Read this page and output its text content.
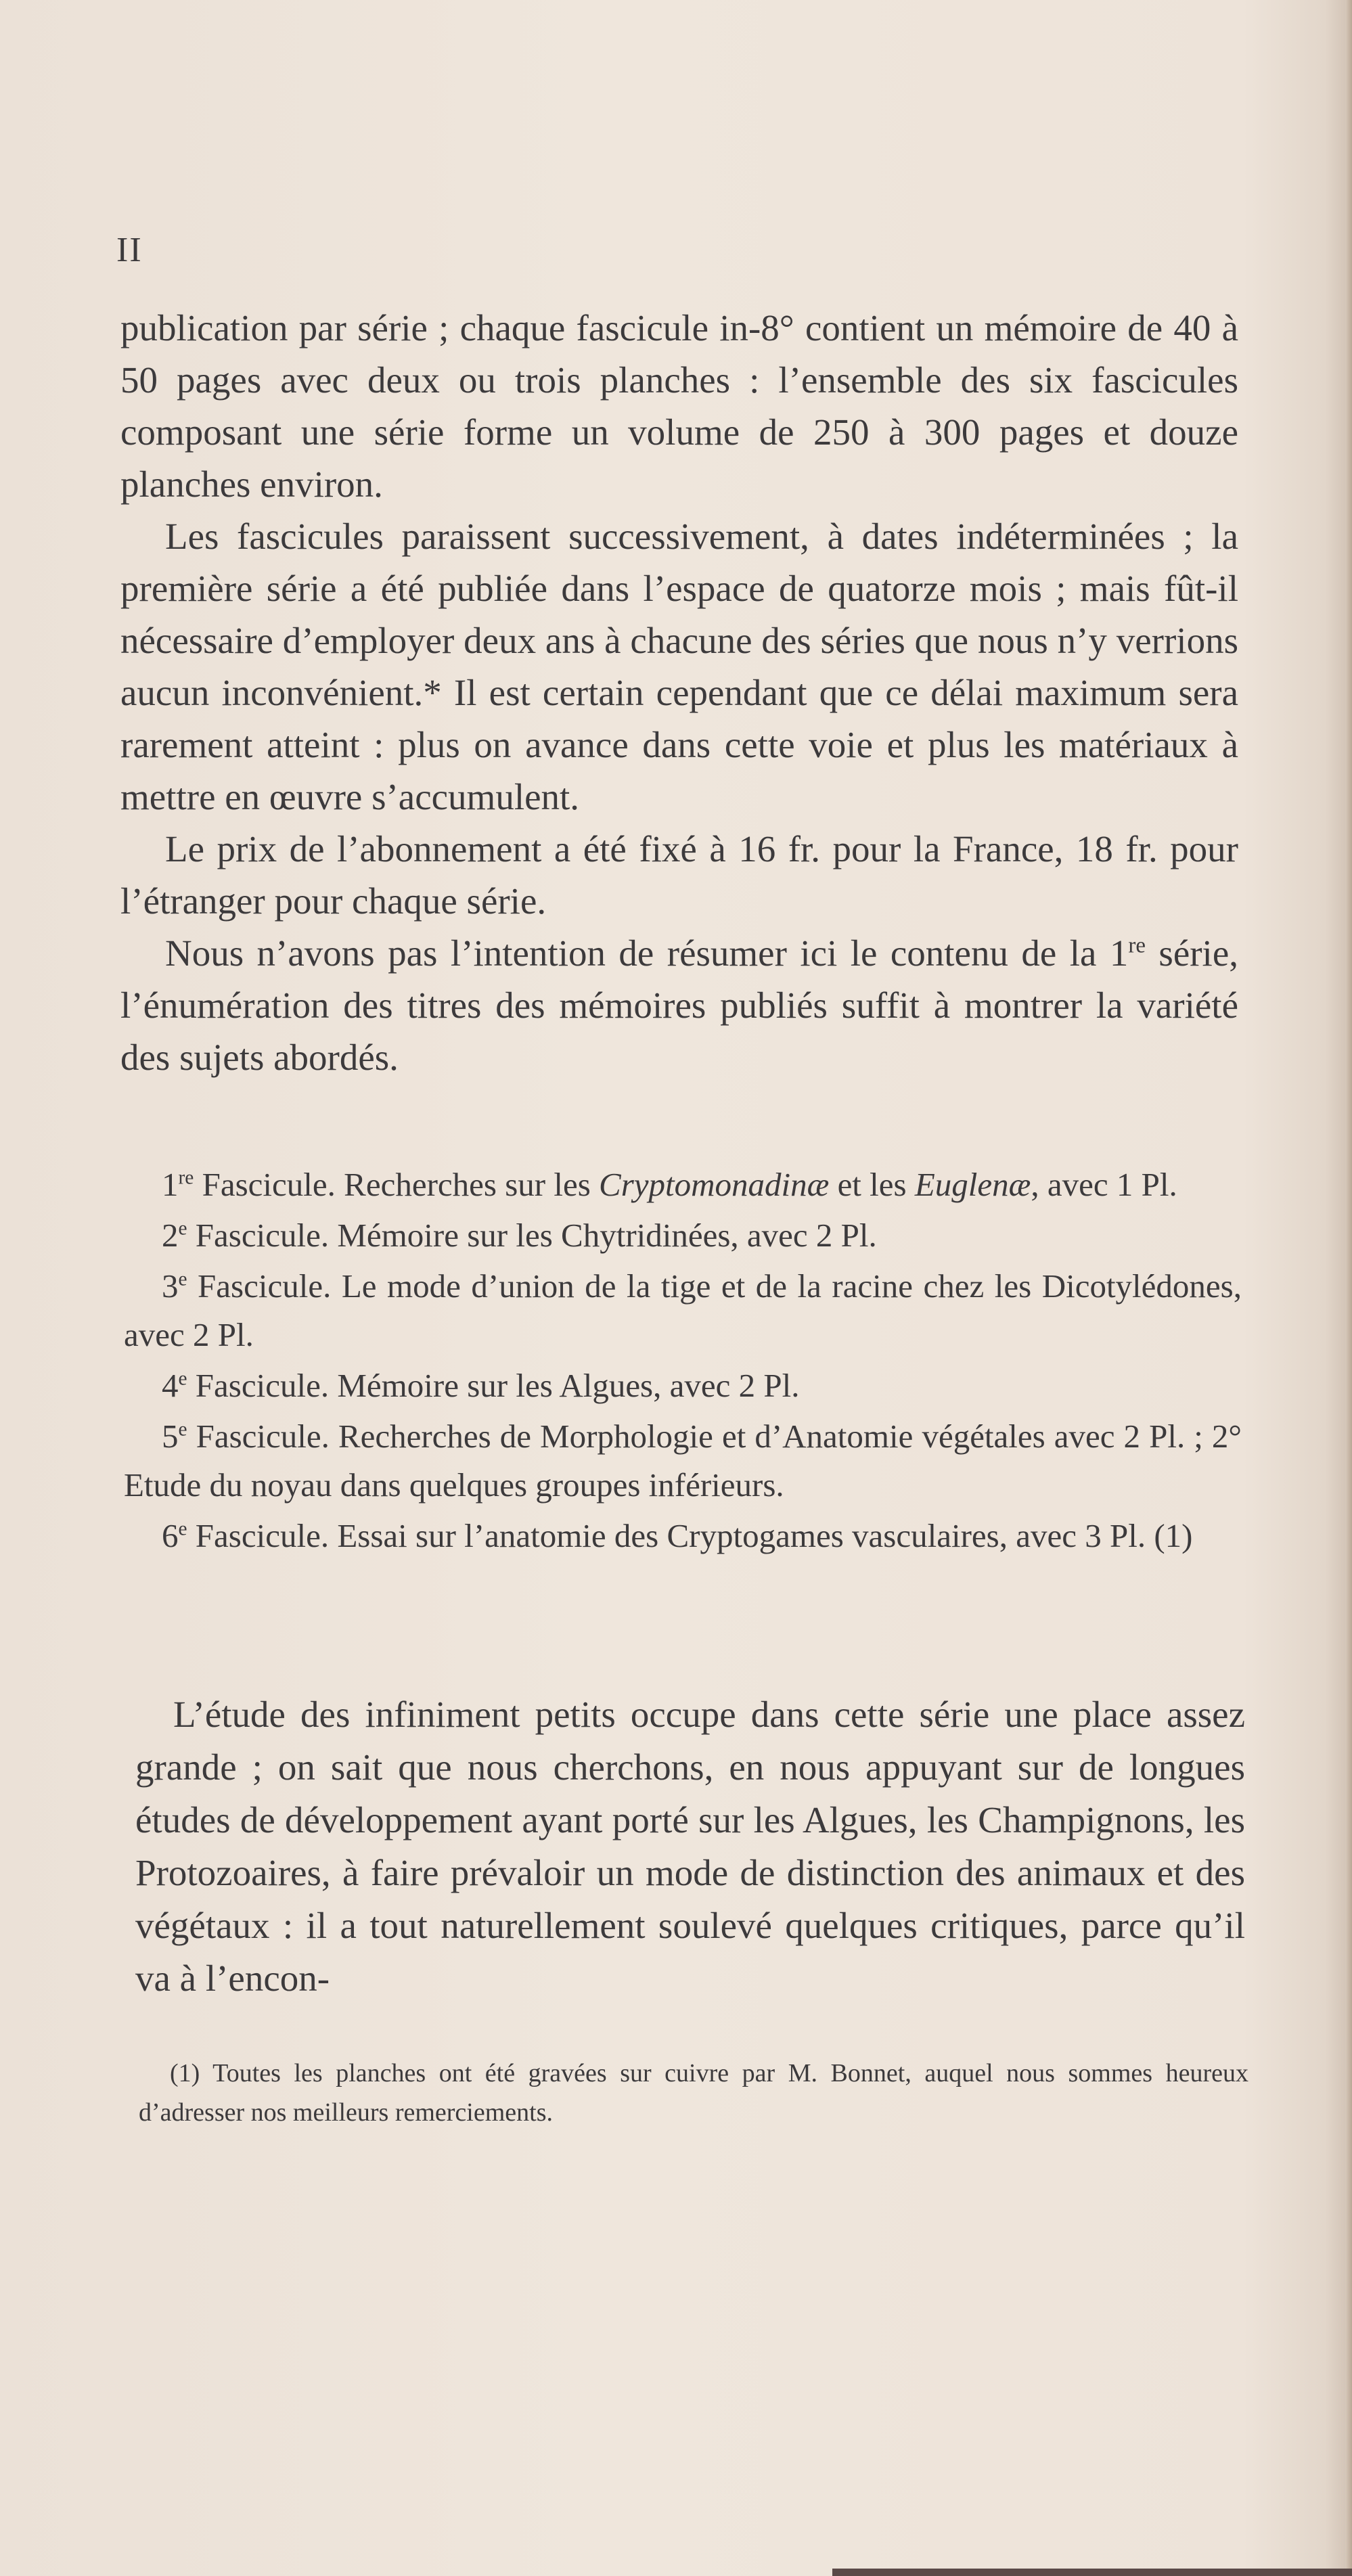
II

publication par série ; chaque fascicule in-8° contient un mémoire de 40 à 50 pages avec deux ou trois planches : l’ensemble des six fascicules composant une série forme un volume de 250 à 300 pages et douze planches environ.

Les fascicules paraissent successivement, à dates indéterminées ; la première série a été publiée dans l’espace de quatorze mois ; mais fût-il nécessaire d’employer deux ans à chacune des séries que nous n’y verrions aucun inconvénient.* Il est certain cependant que ce délai maximum sera rarement atteint : plus on avance dans cette voie et plus les matériaux à mettre en œuvre s’accumulent.

Le prix de l’abonnement a été fixé à 16 fr. pour la France, 18 fr. pour l’étranger pour chaque série.

Nous n’avons pas l’intention de résumer ici le contenu de la 1re série, l’énumération des titres des mémoires publiés suffit à montrer la variété des sujets abordés.

1re Fascicule. Recherches sur les Cryptomonadinæ et les Euglenæ, avec 1 Pl.

2e Fascicule. Mémoire sur les Chytridinées, avec 2 Pl.

3e Fascicule. Le mode d’union de la tige et de la racine chez les Dicotylédones, avec 2 Pl.

4e Fascicule. Mémoire sur les Algues, avec 2 Pl.

5e Fascicule. Recherches de Morphologie et d’Anatomie végétales avec 2 Pl. ; 2° Etude du noyau dans quelques groupes inférieurs.

6e Fascicule. Essai sur l’anatomie des Cryptogames vasculaires, avec 3 Pl. (1)

L’étude des infiniment petits occupe dans cette série une place assez grande ; on sait que nous cherchons, en nous appuyant sur de longues études de développement ayant porté sur les Algues, les Champignons, les Protozoaires, à faire prévaloir un mode de distinction des animaux et des végétaux : il a tout naturellement soulevé quelques critiques, parce qu’il va à l’encon-

(1) Toutes les planches ont été gravées sur cuivre par M. Bonnet, auquel nous sommes heureux d’adresser nos meilleurs remerciements.
